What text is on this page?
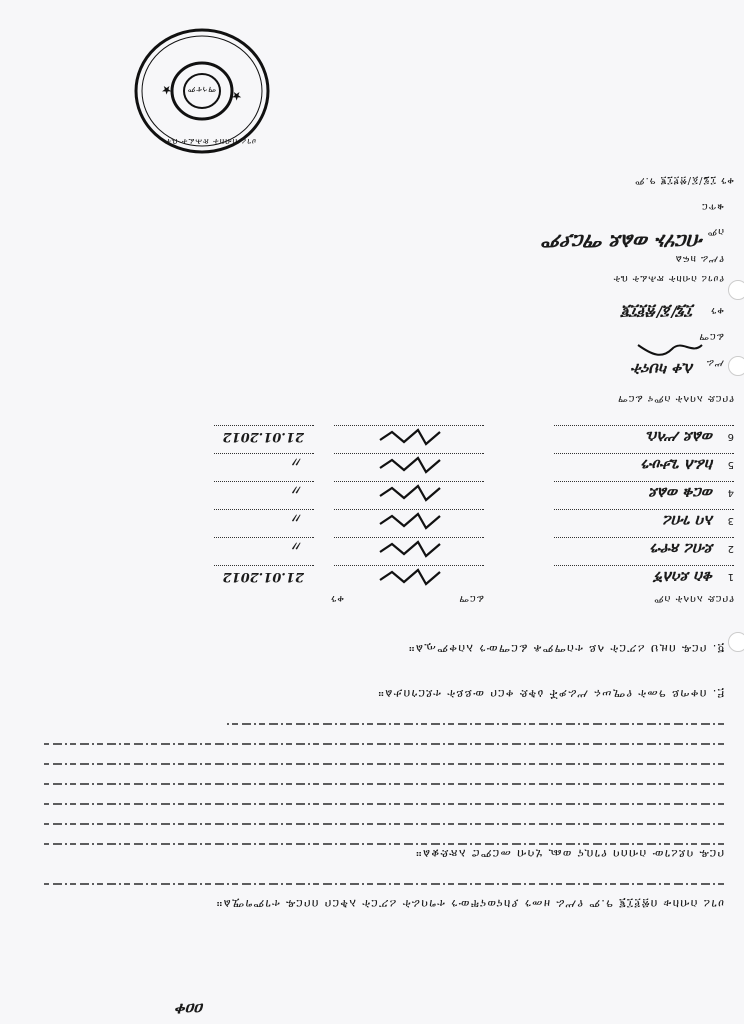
★
★
ሀገረ ስብከት ጽሕፈት ቤት
ማኅተም
ቀን ፲፯/፩/፳፻፲፪ ዓ.ም
ቁጥር
ስም
ብርሃኑ ወልደ ማርያም
የሥራ ክፍል
የሀገረ ስብከት ጽሕፈት ቤት
ቀን
፲፯/፩/፳፻፲፪
ፊርማ
ሥራ
ሊቀ ካህናት
የቦርድ አባላት ስምና ፊርማ
የቦርድ አባላት ስም
ፊርማ
ቀን
1
ቄስ ደሳለኝ
21.01.2012
2
ደብረ ጽዮን
〃
3
አባ ገብረ
〃
4
ወርቁ ወልደ
〃
5
ከፈለ ጌታሁን
〃
6
ወልደ ሥላሴ
21.01.2012
ሀገረ ስብከቱ በ፳፻፲፪ ዓ.ም የሥራ ዘመን ያከናወናቸውን ተግባራት ሪፖርት አቅርቦ በቦርዱ ተገምግሟል።
ቦርዱ ባደረገው ስብሰባ የገቢና ወጪ ሂሳብ መርምሮ አጽድቋል።
፫. በቀጣይ ዓመት የሚሠሩ ሥራዎች ዕቅድ ቀርቦ ውይይት ተደርጎበታል።
፬. ቦርዱ በዚህ ሪፖርት ላይ ተስማምቶ ፊርማውን አስቀምጧል።
ዐዐቀ
